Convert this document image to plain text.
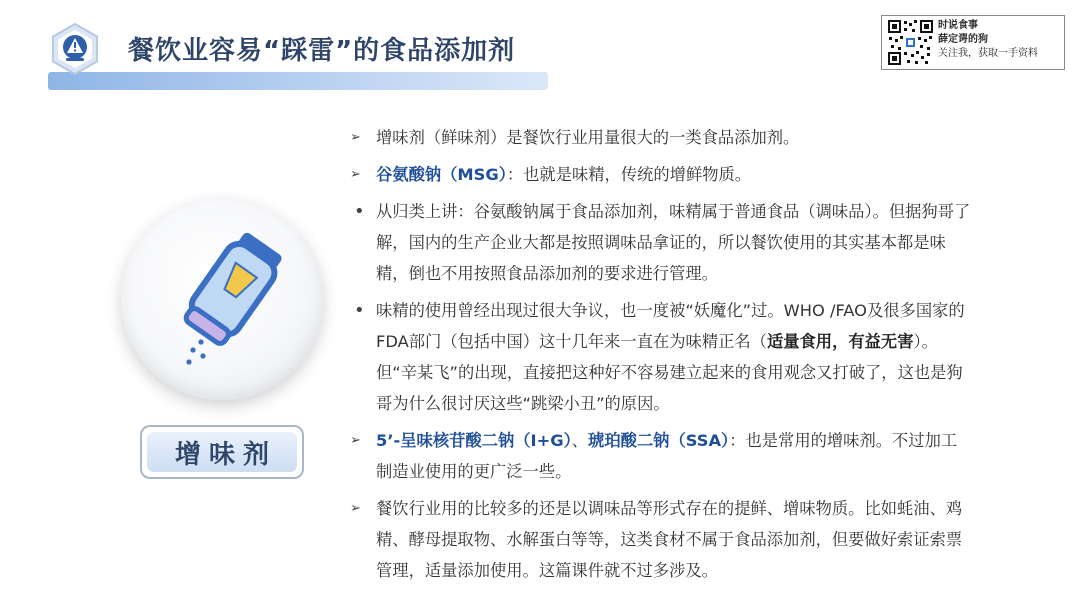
餐饮业容易“踩雷”的食品添加剂
时说食事
薛定谔的狗
关注我，获取一手资料
增味剂
➢ 增味剂（鲜味剂）是餐饮行业用量很大的一类食品添加剂。
➢ 谷氨酸钠（MSG）：也就是味精，传统的增鲜物质。
• 从归类上讲：谷氨酸钠属于食品添加剂，味精属于普通食品（调味品）。但据狗哥了解，国内的生产企业大都是按照调味品拿证的，所以餐饮使用的其实基本都是味精，倒也不用按照食品添加剂的要求进行管理。
• 味精的使用曾经出现过很大争议，也一度被“妖魔化”过。WHO /FAO及很多国家的FDA部门（包括中国）这十几年来一直在为味精正名（适量食用，有益无害）。但“辛某飞”的出现，直接把这种好不容易建立起来的食用观念又打破了，这也是狗哥为什么很讨厌这些“跳梁小丑”的原因。
➢ 5’-呈味核苷酸二钠（I+G）、琥珀酸二钠（SSA）：也是常用的增味剂。不过加工制造业使用的更广泛一些。
➢ 餐饮行业用的比较多的还是以调味品等形式存在的提鲜、增味物质。比如蚝油、鸡精、酵母提取物、水解蛋白等等，这类食材不属于食品添加剂，但要做好索证索票管理，适量添加使用。这篇课件就不过多涉及。
